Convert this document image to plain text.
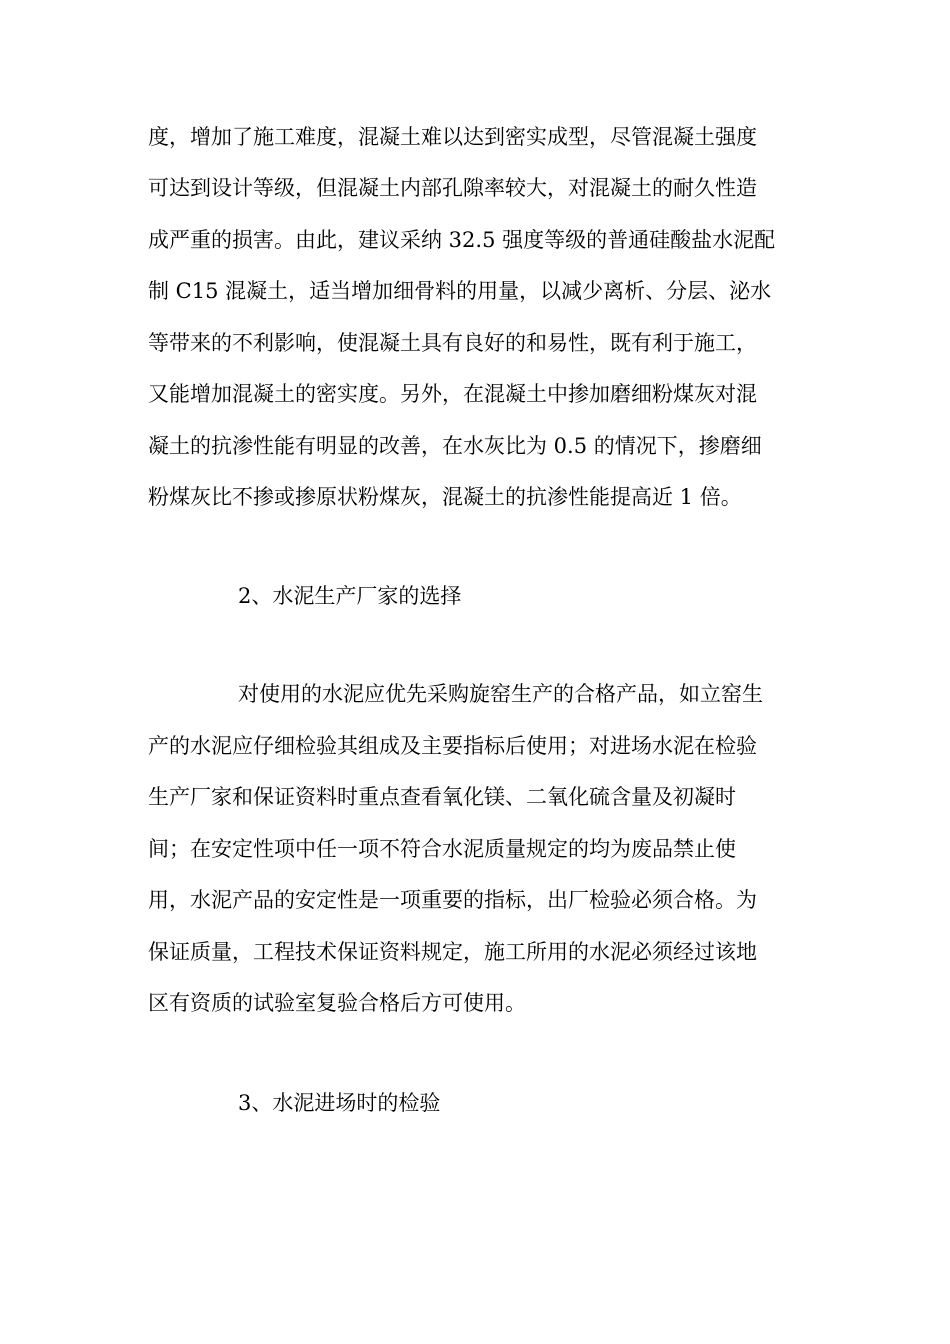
度，增加了施工难度，混凝土难以达到密实成型，尽管混凝土强度
可达到设计等级，但混凝土内部孔隙率较大，对混凝土的耐久性造
成严重的损害。由此，建议采纳 32.5 强度等级的普通硅酸盐水泥配
制 C15 混凝土，适当增加细骨料的用量，以减少离析、分层、泌水
等带来的不利影响，使混凝土具有良好的和易性，既有利于施工，
又能增加混凝土的密实度。另外，在混凝土中掺加磨细粉煤灰对混
凝土的抗渗性能有明显的改善，在水灰比为 0.5 的情况下，掺磨细
粉煤灰比不掺或掺原状粉煤灰，混凝土的抗渗性能提高近 1 倍。
2、水泥生产厂家的选择
对使用的水泥应优先采购旋窑生产的合格产品，如立窑生
产的水泥应仔细检验其组成及主要指标后使用；对进场水泥在检验
生产厂家和保证资料时重点查看氧化镁、二氧化硫含量及初凝时
间；在安定性项中任一项不符合水泥质量规定的均为废品禁止使
用，水泥产品的安定性是一项重要的指标，出厂检验必须合格。为
保证质量，工程技术保证资料规定，施工所用的水泥必须经过该地
区有资质的试验室复验合格后方可使用。
3、水泥进场时的检验
